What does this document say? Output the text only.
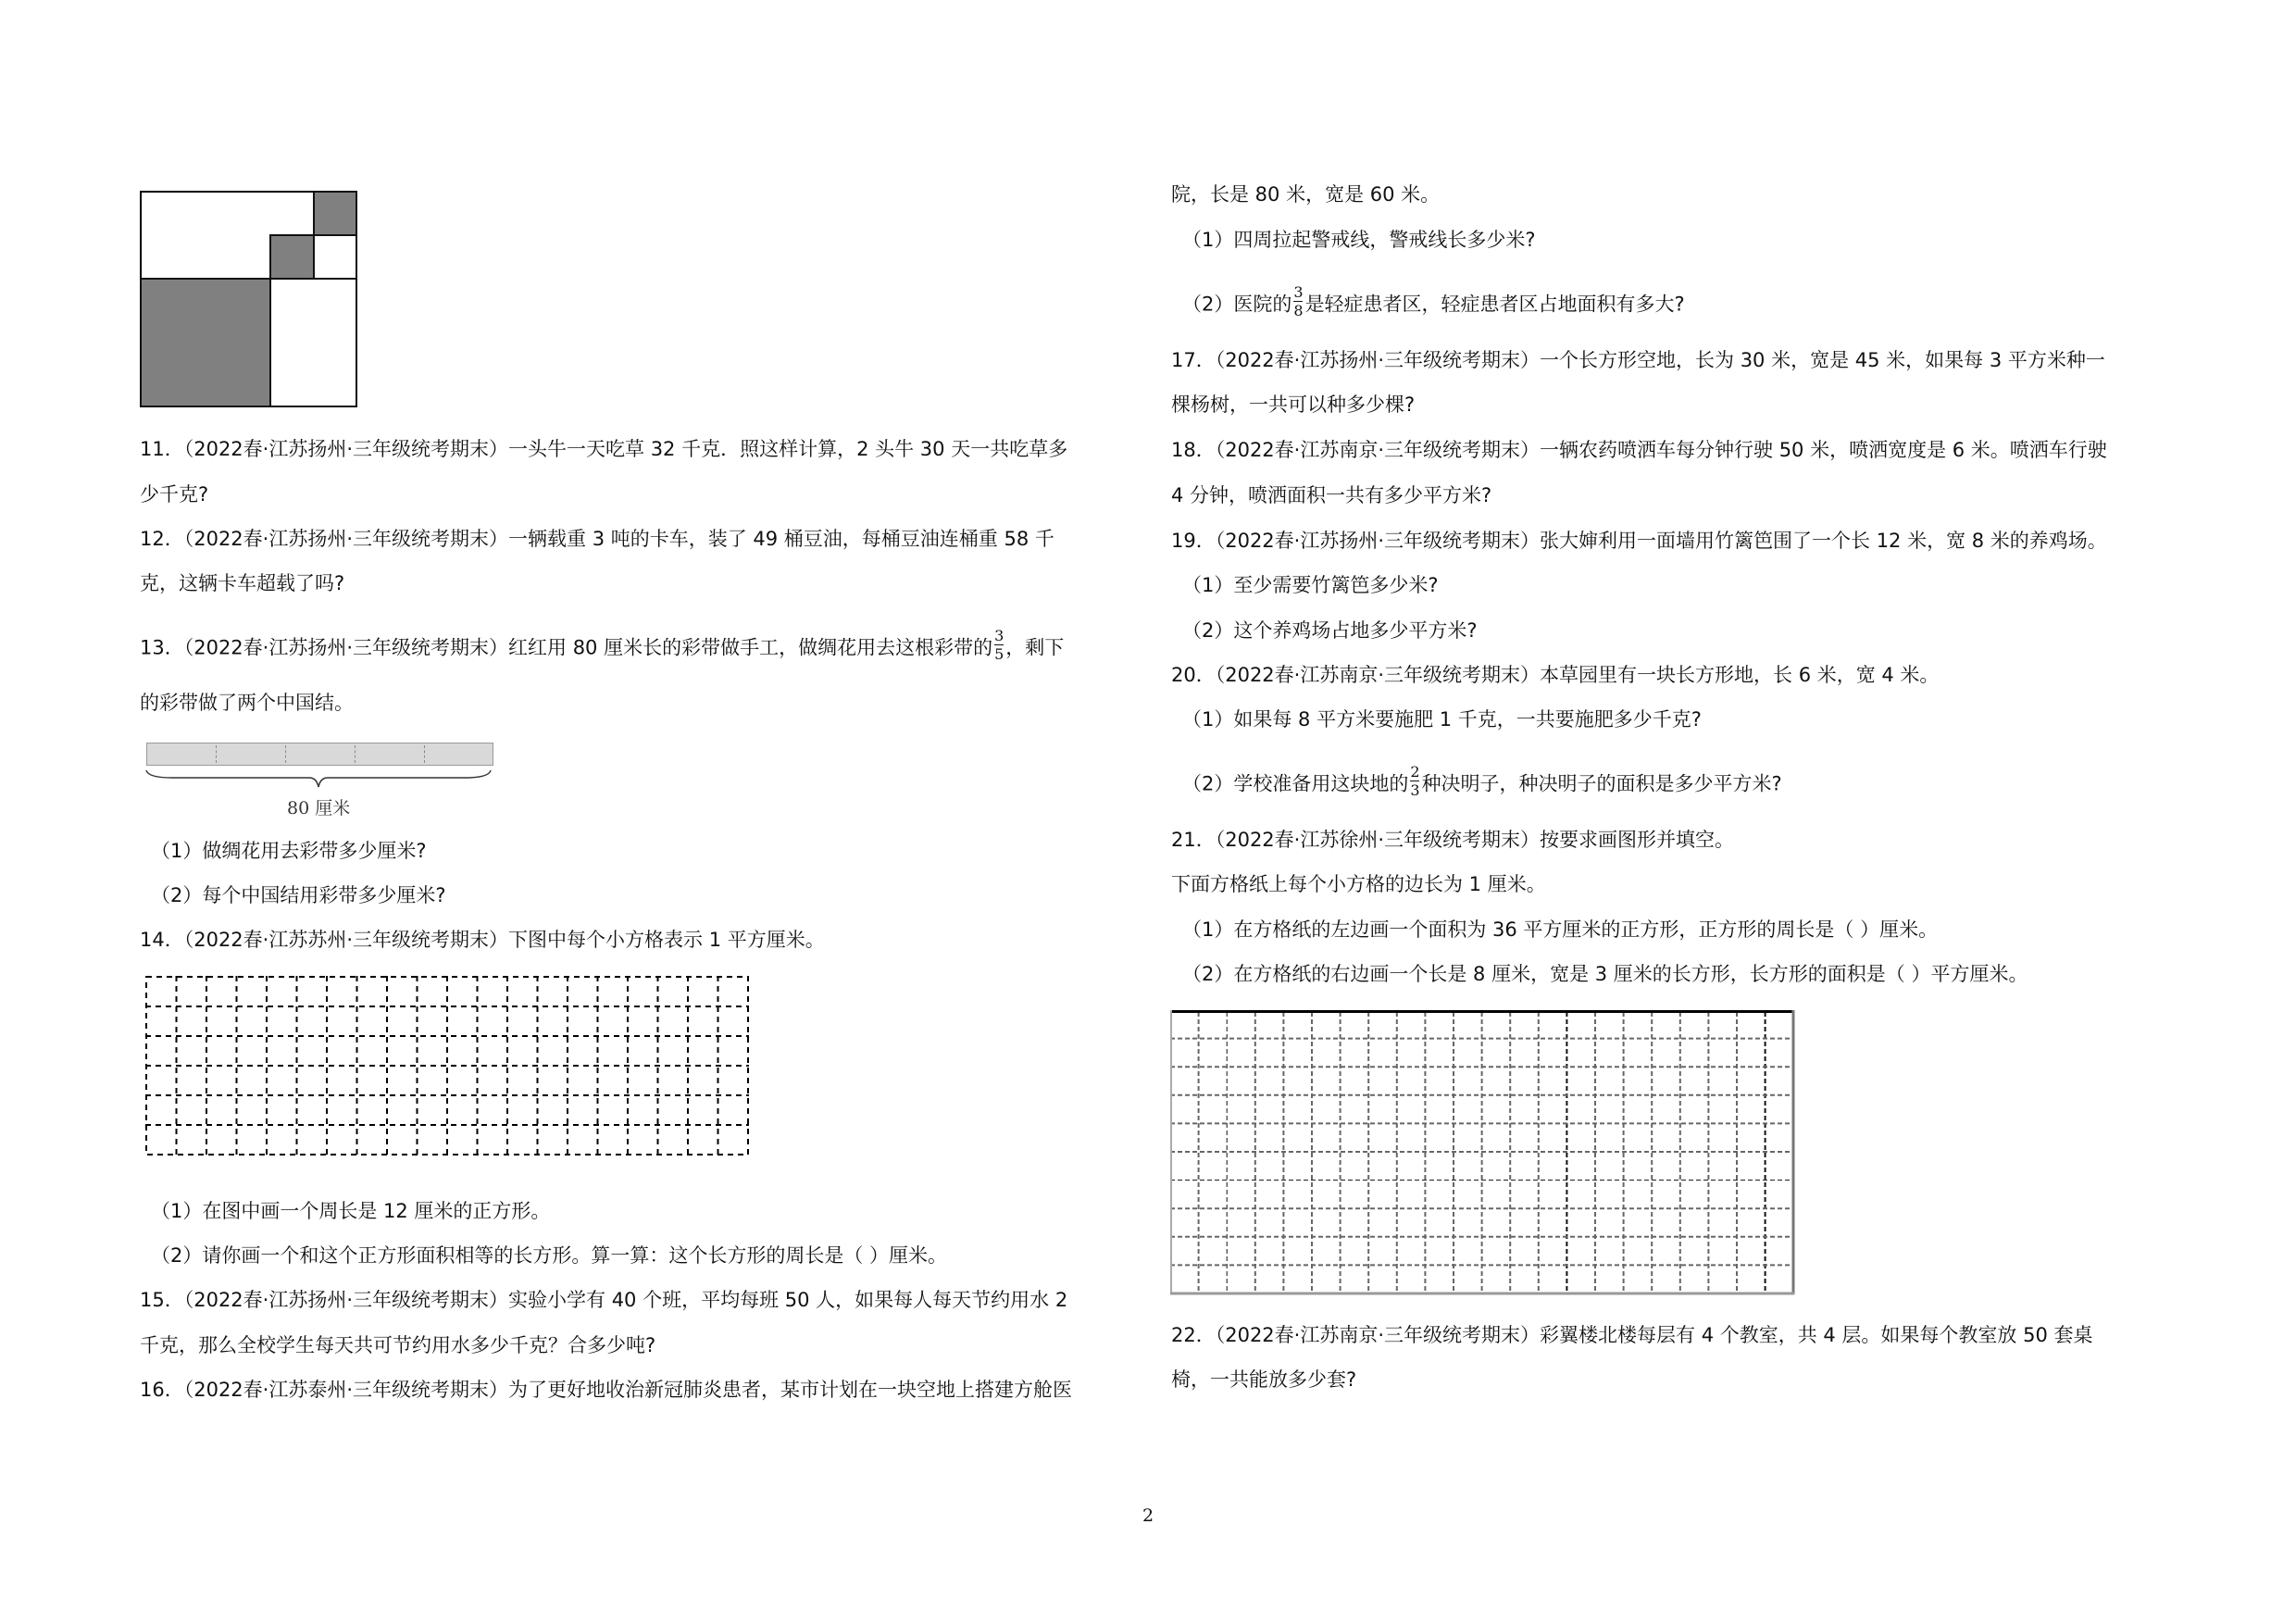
11．（2022春·江苏扬州·三年级统考期末）一头牛一天吃草 32 千克．照这样计算，2 头牛 30 天一共吃草多
少千克?
12．（2022春·江苏扬州·三年级统考期末）一辆载重 3 吨的卡车，装了 49 桶豆油，每桶豆油连桶重 58 千
克，这辆卡车超载了吗?
13．（2022春·江苏扬州·三年级统考期末）红红用 80 厘米长的彩带做手工，做绸花用去这根彩带的 $\frac{3}{5}$ ，剩下
的彩带做了两个中国结。
80 厘米
（1）做绸花用去彩带多少厘米?
（2）每个中国结用彩带多少厘米?
14．（2022春·江苏苏州·三年级统考期末）下图中每个小方格表示 1 平方厘米。
（1）在图中画一个周长是 12 厘米的正方形。
（2）请你画一个和这个正方形面积相等的长方形。算一算：这个长方形的周长是（ ）厘米。
15．（2022春·江苏扬州·三年级统考期末）实验小学有 40 个班，平均每班 50 人，如果每人每天节约用水 2
千克，那么全校学生每天共可节约用水多少千克？合多少吨?
16．（2022春·江苏泰州·三年级统考期末）为了更好地收治新冠肺炎患者，某市计划在一块空地上搭建方舱医
院，长是 80 米，宽是 60 米。
（1）四周拉起警戒线，警戒线长多少米?
（2）医院的 $\frac{3}{8}$ 是轻症患者区，轻症患者区占地面积有多大?
17．（2022春·江苏扬州·三年级统考期末）一个长方形空地，长为 30 米，宽是 45 米，如果每 3 平方米种一
棵杨树，一共可以种多少棵?
18．（2022春·江苏南京·三年级统考期末）一辆农药喷洒车每分钟行驶 50 米，喷洒宽度是 6 米。喷洒车行驶
4 分钟，喷洒面积一共有多少平方米?
19．（2022春·江苏扬州·三年级统考期末）张大婶利用一面墙用竹篱笆围了一个长 12 米，宽 8 米的养鸡场。
（1）至少需要竹篱笆多少米?
（2）这个养鸡场占地多少平方米?
20．（2022春·江苏南京·三年级统考期末）本草园里有一块长方形地，长 6 米，宽 4 米。
（1）如果每 8 平方米要施肥 1 千克，一共要施肥多少千克?
（2）学校准备用这块地的 $\frac{2}{3}$ 种决明子，种决明子的面积是多少平方米?
21．（2022春·江苏徐州·三年级统考期末）按要求画图形并填空。
下面方格纸上每个小方格的边长为 1 厘米。
（1）在方格纸的左边画一个面积为 36 平方厘米的正方形，正方形的周长是（ ）厘米。
（2）在方格纸的右边画一个长是 8 厘米，宽是 3 厘米的长方形，长方形的面积是（ ）平方厘米。
22．（2022春·江苏南京·三年级统考期末）彩翼楼北楼每层有 4 个教室，共 4 层。如果每个教室放 50 套桌
椅，一共能放多少套?
2
